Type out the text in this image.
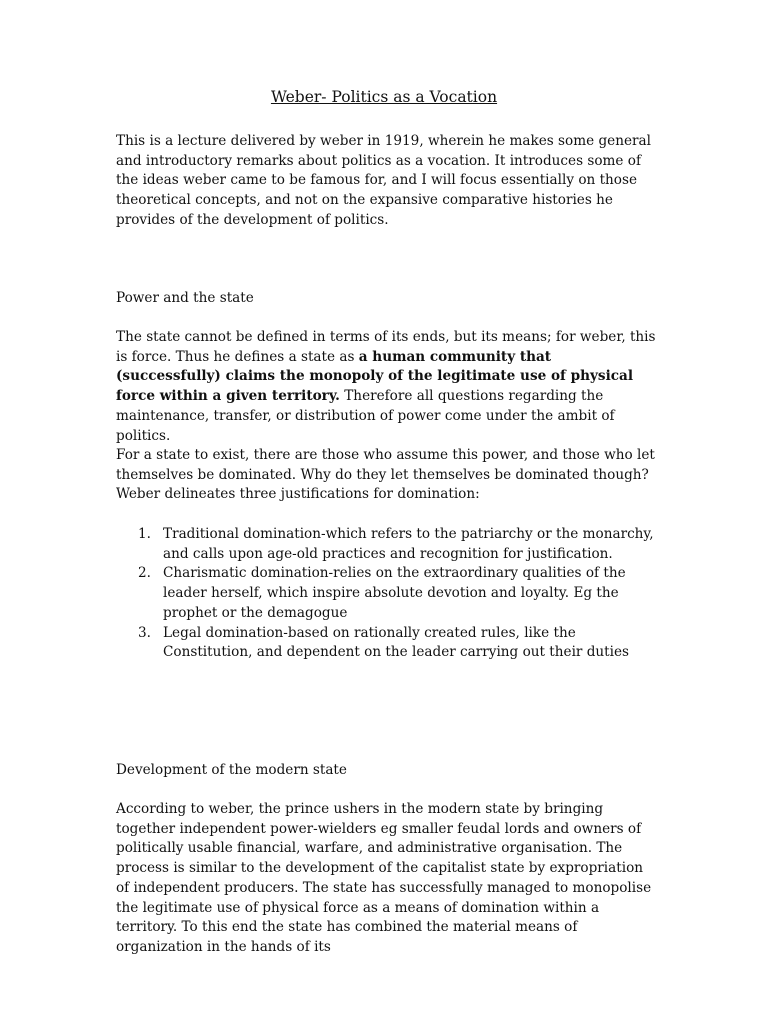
Weber- Politics as a Vocation

This is a lecture delivered by weber in 1919, wherein he makes some general and introductory remarks about politics as a vocation. It introduces some of the ideas weber came to be famous for, and I will focus essentially on those theoretical concepts, and not on the expansive comparative histories he provides of the development of politics.

Power and the state

The state cannot be defined in terms of its ends, but its means; for weber, this is force. Thus he defines a state as a human community that (successfully) claims the monopoly of the legitimate use of physical force within a given territory. Therefore all questions regarding the maintenance, transfer, or distribution of power come under the ambit of politics.

For a state to exist, there are those who assume this power, and those who let themselves be dominated. Why do they let themselves be dominated though? Weber delineates three justifications for domination:

1. Traditional domination-which refers to the patriarchy or the monarchy, and calls upon age-old practices and recognition for justification.
2. Charismatic domination-relies on the extraordinary qualities of the leader herself, which inspire absolute devotion and loyalty. Eg the prophet or the demagogue
3. Legal domination-based on rationally created rules, like the Constitution, and dependent on the leader carrying out their duties
Development of the modern state

According to weber, the prince ushers in the modern state by bringing together independent power-wielders eg smaller feudal lords and owners of politically usable financial, warfare, and administrative organisation. The process is similar to the development of the capitalist state by expropriation of independent producers. The state has successfully managed to monopolise the legitimate use of physical force as a means of domination within a territory. To this end the state has combined the material means of organization in the hands of its
